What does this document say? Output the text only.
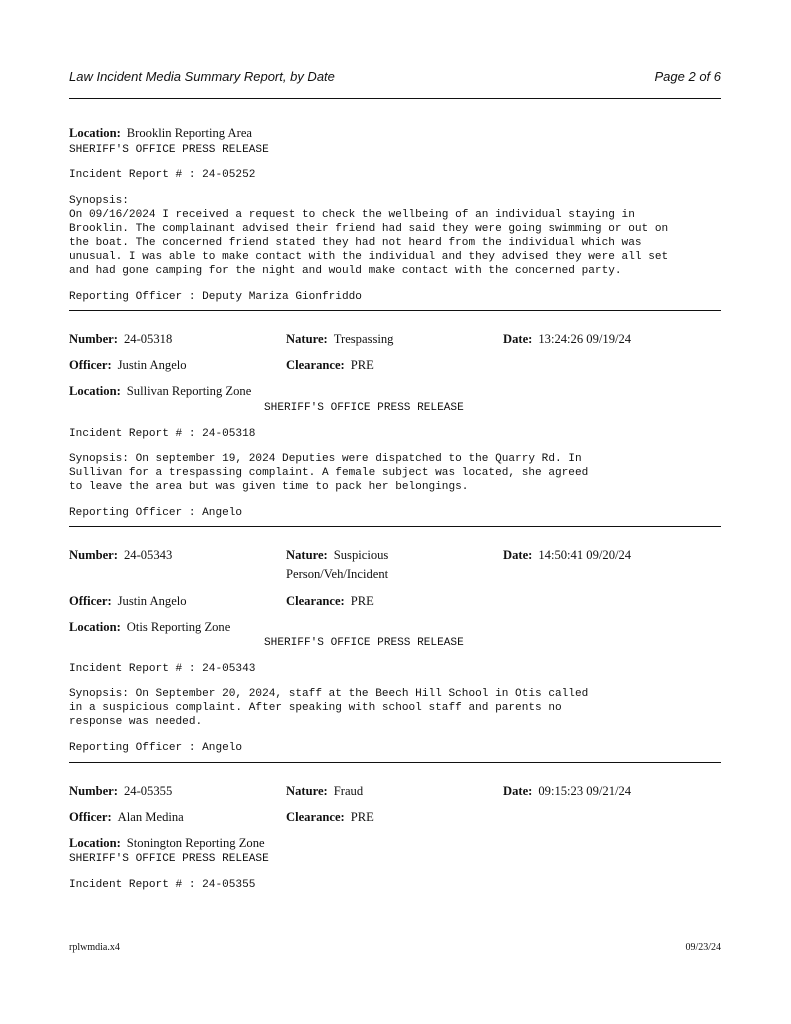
Law Incident Media Summary Report, by Date	Page 2 of 6
Location: Brooklin Reporting Area
SHERIFF'S OFFICE PRESS RELEASE
Incident Report # : 24-05252
Synopsis:
On 09/16/2024 I received a request to check the wellbeing of an individual staying in
Brooklin. The complainant advised their friend had said they were going swimming or out on
the boat. The concerned friend stated they had not heard from the individual which was
unusual. I was able to make contact with the individual and they advised they were all set
and had gone camping for the night and would make contact with the concerned party.
Reporting Officer : Deputy Mariza Gionfriddo
Number: 24-05318	Nature: Trespassing	Date: 13:24:26 09/19/24
Officer: Justin Angelo	Clearance: PRE
Location: Sullivan Reporting Zone
SHERIFF'S OFFICE PRESS RELEASE
Incident Report # : 24-05318
Synopsis: On september 19, 2024 Deputies were dispatched to the Quarry Rd. In
Sullivan for a trespassing complaint. A female subject was located, she agreed
to leave the area but was given time to pack her belongings.
Reporting Officer : Angelo
Number: 24-05343	Nature: Suspicious
Person/Veh/Incident
Date: 14:50:41 09/20/24
Officer: Justin Angelo	Clearance: PRE
Location: Otis Reporting Zone
SHERIFF'S OFFICE PRESS RELEASE
Incident Report # : 24-05343
Synopsis: On September 20, 2024, staff at the Beech Hill School in Otis called
in a suspicious complaint. After speaking with school staff and parents no
response was needed.
Reporting Officer : Angelo
Number: 24-05355	Nature: Fraud	Date: 09:15:23 09/21/24
Officer: Alan Medina	Clearance: PRE
Location: Stonington Reporting Zone
SHERIFF'S OFFICE PRESS RELEASE
Incident Report # : 24-05355
rplwmdia.x4	09/23/24
